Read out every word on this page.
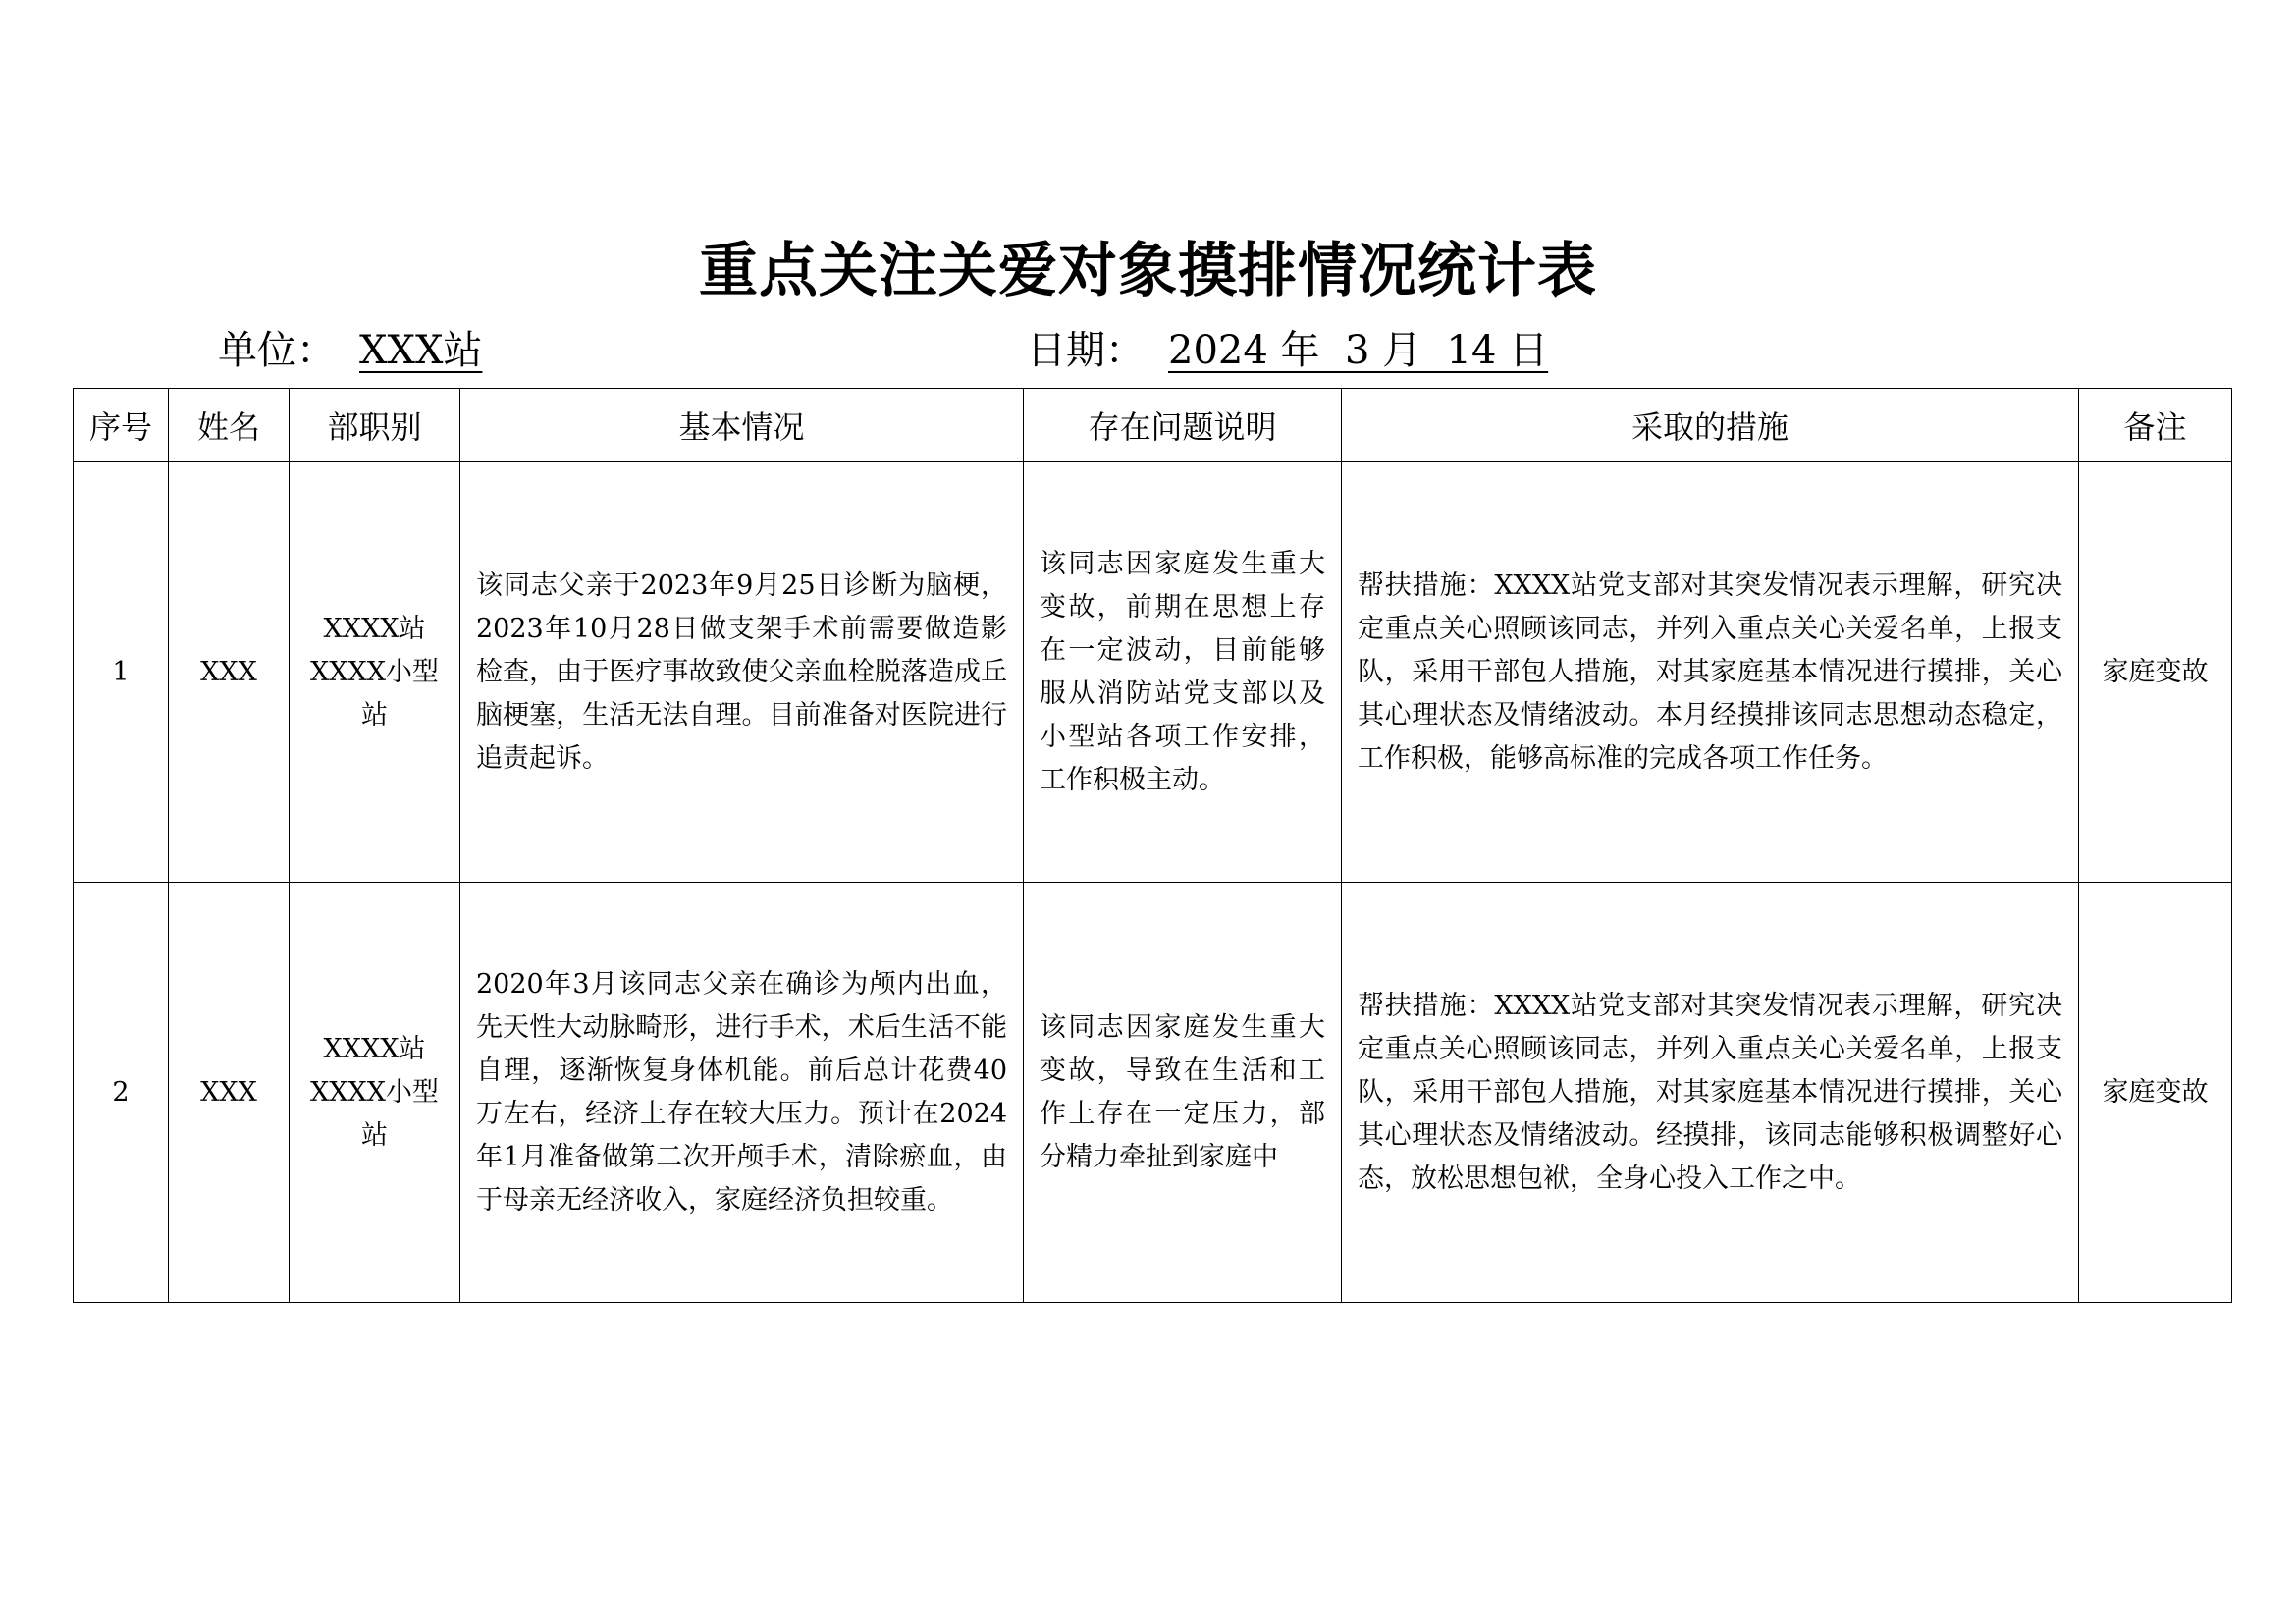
重点关注关爱对象摸排情况统计表
单位： XXX站	日期： 2024 年  3 月  14 日
序号	姓名	部职别	基本情况	存在问题说明	采取的措施	备注
1	XXX	XXXX站XXXX小型站	该同志父亲于2023年9月25日诊断为脑梗，2023年10月28日做支架手术前需要做造影检查，由于医疗事故致使父亲血栓脱落造成丘脑梗塞，生活无法自理。目前准备对医院进行追责起诉。	该同志因家庭发生重大变故，前期在思想上存在一定波动，目前能够服从消防站党支部以及小型站各项工作安排，工作积极主动。	帮扶措施：XXXX站党支部对其突发情况表示理解，研究决定重点关心照顾该同志，并列入重点关心关爱名单，上报支队，采用干部包人措施，对其家庭基本情况进行摸排，关心其心理状态及情绪波动。本月经摸排该同志思想动态稳定，工作积极，能够高标准的完成各项工作任务。	家庭变故
2	XXX	XXXX站XXXX小型站	2020年3月该同志父亲在确诊为颅内出血，先天性大动脉畸形，进行手术，术后生活不能自理，逐渐恢复身体机能。前后总计花费40万左右，经济上存在较大压力。预计在2024年1月准备做第二次开颅手术，清除瘀血，由于母亲无经济收入，家庭经济负担较重。	该同志因家庭发生重大变故，导致在生活和工作上存在一定压力，部分精力牵扯到家庭中	帮扶措施：XXXX站党支部对其突发情况表示理解，研究决定重点关心照顾该同志，并列入重点关心关爱名单，上报支队，采用干部包人措施，对其家庭基本情况进行摸排，关心其心理状态及情绪波动。经摸排，该同志能够积极调整好心态，放松思想包袱，全身心投入工作之中。	家庭变故
